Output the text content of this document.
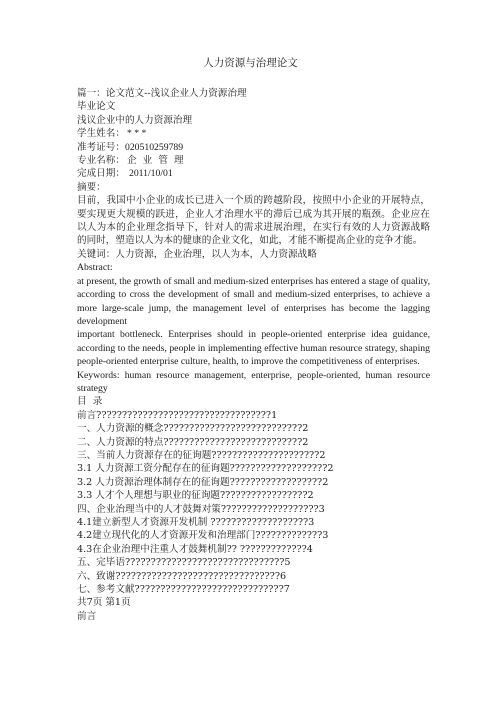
人力资源与治理论文
篇一：论文范文--浅议企业人力资源治理
毕业论文
浅议企业中的人力资源治理
学生姓名： * * *
准考证号：020510259789
专业名称： 企  业  管  理
完成日期： 2011/10/01
摘要：
目前，我国中小企业的成长已进入一个质的跨越阶段，按照中小企业的开展特点，要实现更大规模的跃进，企业人才治理水平的滞后已成为其开展的瓶颈。企业应在以人为本的企业理念指导下，针对人的需求进展治理，在实行有效的人力资源战略的同时，塑造以人为本的健康的企业文化，如此，才能不断提高企业的竞争才能。
关键词：人力资源，企业治理，以人为本，人力资源战略
Abstract:
at present, the growth of small and medium-sized enterprises has entered a stage of quality, according to cross the development of small and medium-sized enterprises, to achieve a more large-scale jump, the management level of enterprises has become the lagging development
important bottleneck. Enterprises should in people-oriented enterprise idea guidance, according to the needs, people in implementing effective human resource strategy, shaping people-oriented enterprise culture, health, to improve the competitiveness of enterprises.
Keywords: human resource management, enterprise, people-oriented, human resource strategy
目  录
前言??????????????????????????????????1
一、人力资源的概念???????????????????????????2
二、人力资源的特点???????????????????????????2
三、当前人力资源存在的征询题?????????????????????2
3.1 人力资源工资分配存在的征询题???????????????????2
3.2 人力资源治理体制存在的征询题??????????????????2
3.3 人才个人理想与职业的征询题?????????????????2
四、企业治理当中的人才鼓舞对策???????????????????3
4.1建立新型人才资源开发机制 ???????????????????3
4.2建立现代化的人才资源开发和治理部门?????????????3
4.3在企业治理中注重人才鼓舞机制?? ?????????????4
五、完毕语???????????????????????????????5
六、致谢????????????????????????????????6
七、参考文献?????????????????????????????7
共7页 第1页
前言
